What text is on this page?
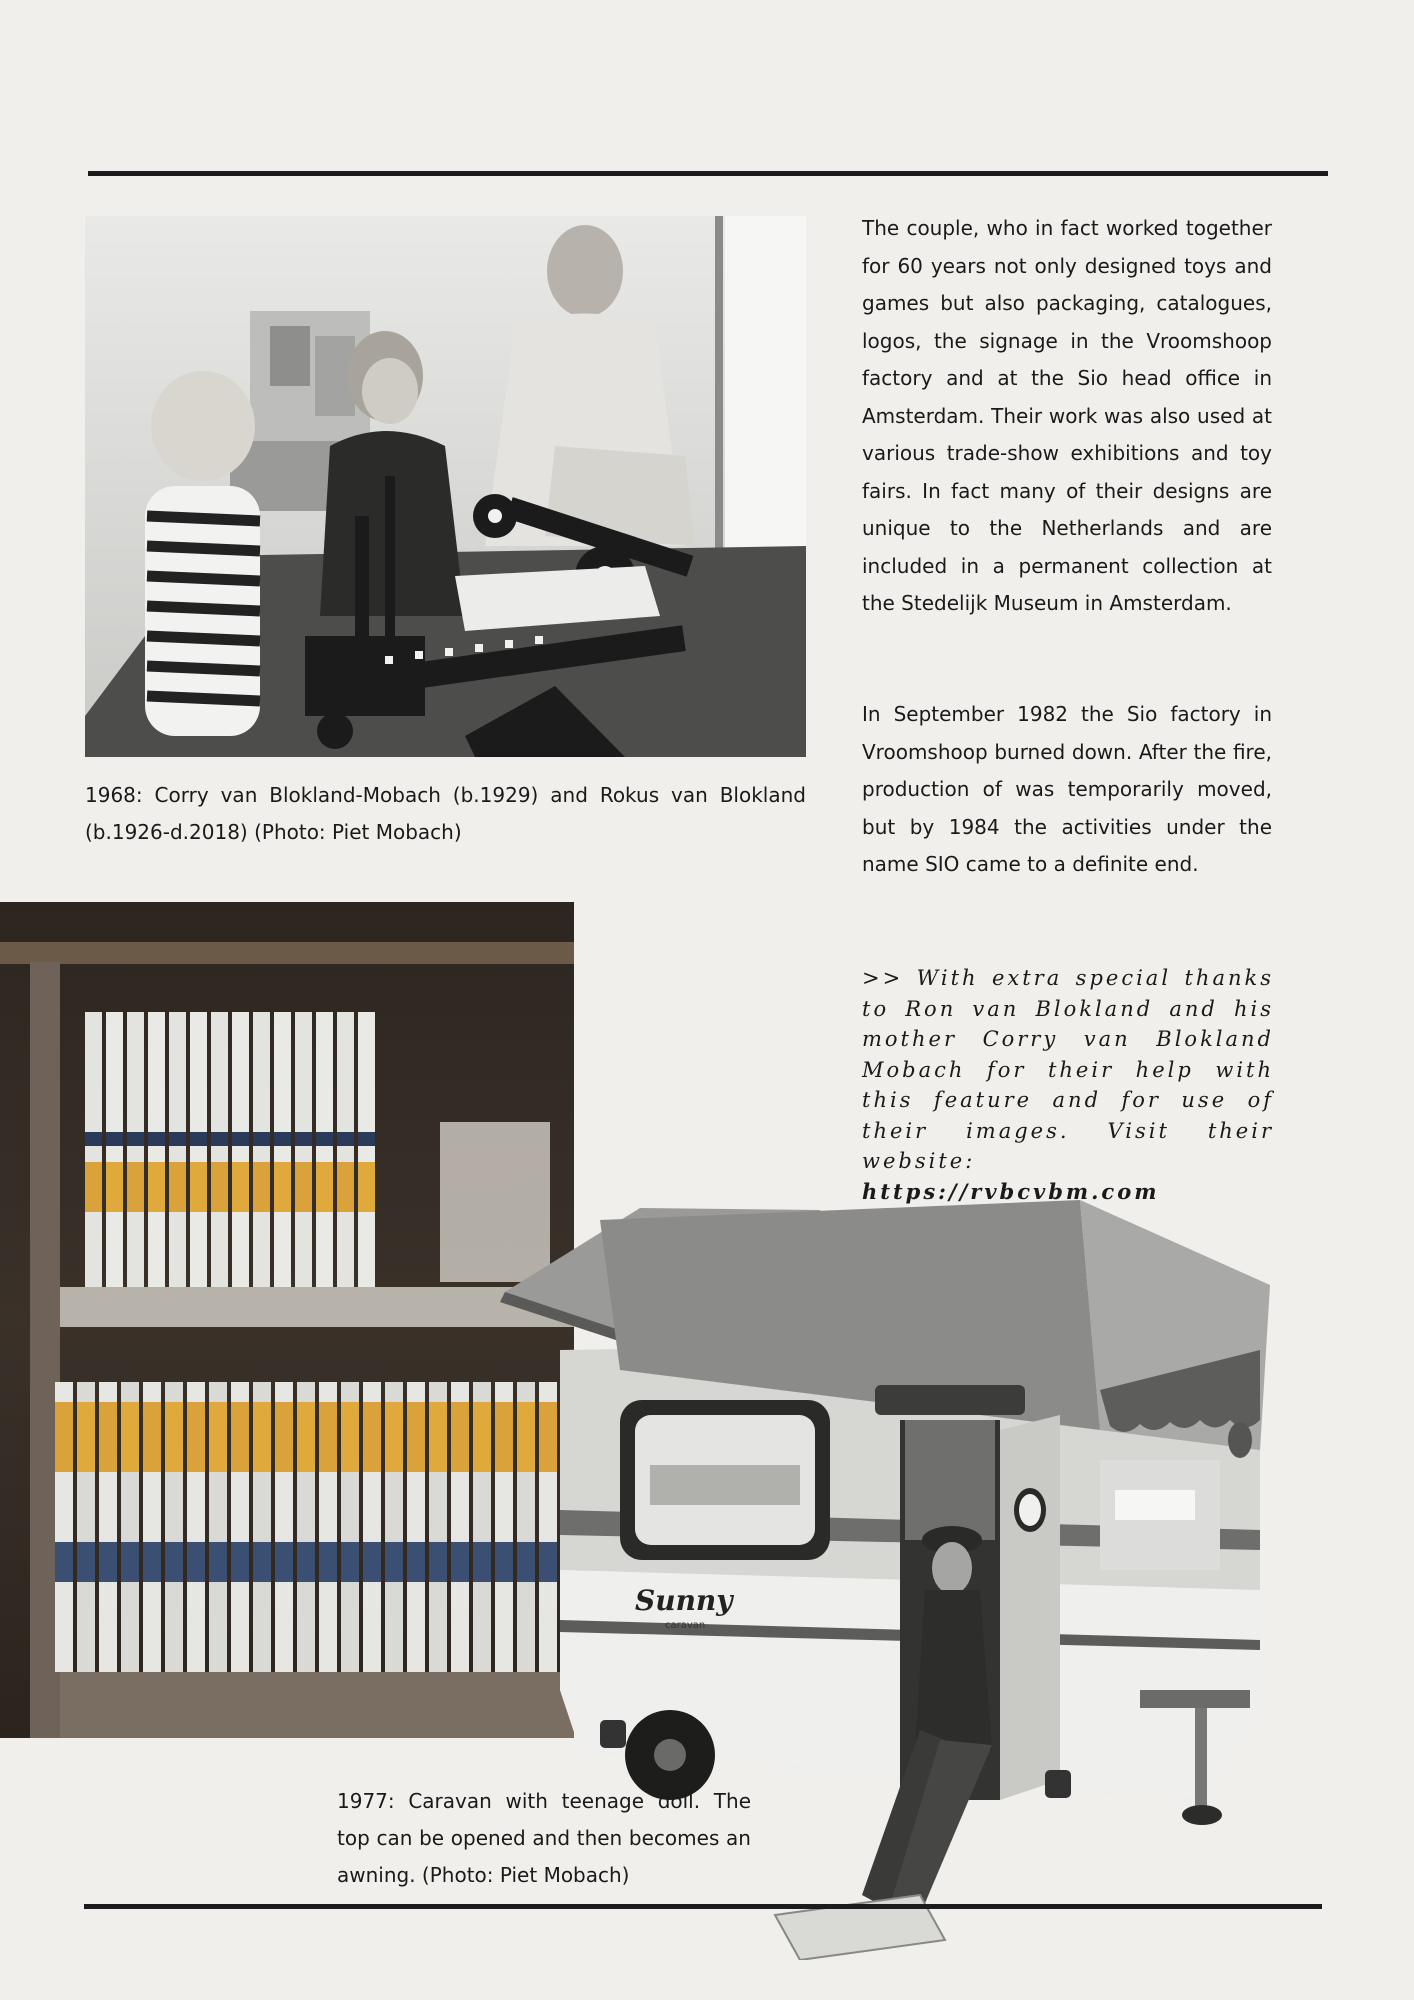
1968: Corry van Blokland-Mobach (b.1929) and Rokus van Blokland (b.1926-d.2018) (Photo: Piet Mobach)
The couple, who in fact worked together for 60 years not only designed toys and games but also packaging, catalogues, logos, the signage in the Vroomshoop factory and at the Sio head office in Amsterdam. Their work was also used at various trade-show exhibitions and toy fairs. In fact many of their designs are unique to the Netherlands and are included in a permanent collection at the Stedelijk Museum in Amsterdam.
In September 1982 the Sio factory in Vroomshoop burned down. After the fire, production of was temporarily moved, but by 1984 the activities under the name SIO came to a definite end.
>> With extra special thanks to Ron van Blokland and his mother Corry van Blokland Mobach for their help with this feature and for use of their images. Visit their website: https://rvbcvbm.com
Sunny
caravan
1977: Caravan with teenage doll. The top can be opened and then becomes an awning. (Photo: Piet Mobach)
